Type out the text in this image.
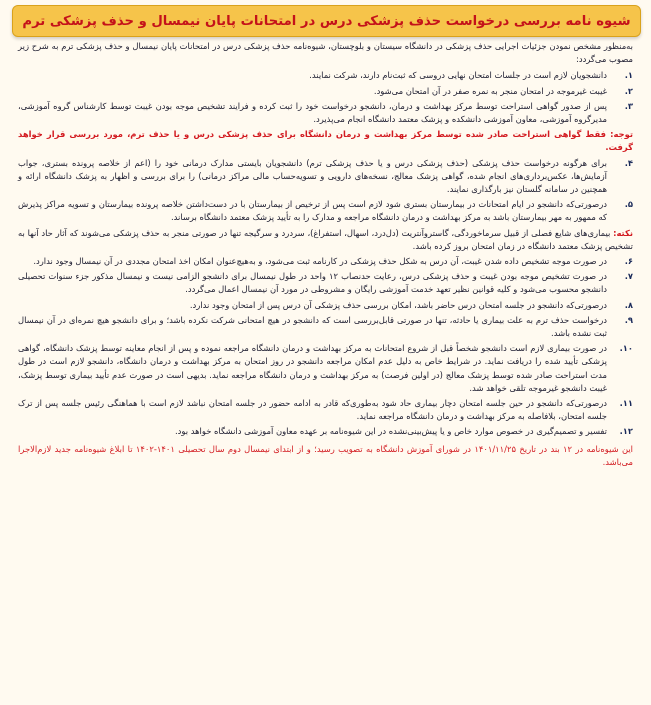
شیوه نامه بررسی درخواست حذف پزشکی درس در امتحانات پایان نیمسال و حذف پزشکی ترم

به‌منظور مشخص نمودن جزئیات اجرایی حذف پزشکی در دانشگاه سیستان و بلوچستان، شیوه‌نامه حذف پزشکی درس در امتحانات پایان نیمسال و حذف پزشکی ترم به شرح زیر مصوب می‌گردد:

۱.
دانشجویان لازم است در جلسات امتحان نهایی دروسی که ثبت‌نام دارند، شرکت نمایند.
۲.
غیبت غیرموجه در امتحان منجر به نمره صفر در آن امتحان می‌شود.
۳.
پس از صدور گواهی استراحت توسط مرکز بهداشت و درمان، دانشجو درخواست خود را ثبت کرده و فرایند تشخیص موجه بودن غیبت توسط کارشناس گروه آموزشی، مدیرگروه آموزشی، معاون آموزشی دانشکده و پزشک معتمد دانشگاه انجام می‌پذیرد.

توجه: فقط گواهی استراحت صادر شده توسط مرکز بهداشت و درمان دانشگاه برای حذف پزشکی درس و یا حذف ترم، مورد بررسی قرار خواهد گرفت.

۴.
برای هرگونه درخواست حذف پزشکی (حذف پزشکی درس و یا حذف پزشکی ترم) دانشجویان بایستی مدارک درمانی خود را (اعم از خلاصه پرونده بستری، جواب آزمایش‌ها، عکس‌برداری‌های انجام شده، گواهی پزشک معالج، نسخه‌های دارویی و تسویه‌حساب مالی مراکز درمانی) را برای بررسی و اظهار به پزشک دانشگاه ارائه و همچنین در سامانه گلستان نیز بارگذاری نمایند.
۵.
درصورتی‌که دانشجو در ایام امتحانات در بیمارستان بستری شود لازم است پس از ترخیص از بیمارستان با در دست‌داشتن خلاصه پرونده بیمارستان و تسویه مراکز پذیرش که ممهور به مهر بیمارستان باشد به مرکز بهداشت و درمان دانشگاه مراجعه و مدارک را به تأیید پزشک معتمد دانشگاه برساند.

نکته: بیماری‌های شایع فصلی از قبیل سرماخوردگی، گاستروآنتریت (دل‌درد، اسهال، استفراغ)، سردرد و سرگیجه تنها در صورتی منجر به حذف پزشکی می‌شوند که آثار حاد آنها به تشخیص پزشک معتمد دانشگاه در زمان امتحان بروز کرده باشد.

۶.
در صورت موجه تشخیص داده شدن غیبت، آن درس به شکل حذف پزشکی در کارنامه ثبت می‌شود، و به‌هیچ‌عنوان امکان اخذ امتحان مجددی در آن نیمسال وجود ندارد.
۷.
در صورت تشخیص موجه بودن غیبت و حذف پزشکی درس، رعایت حدنصاب ۱۲ واحد در طول نیمسال برای دانشجو الزامی نیست و نیمسال مذکور جزء سنوات تحصیلی دانشجو محسوب می‌شود و کلیه قوانین نظیر تعهد خدمت آموزشی رایگان و مشروطی در مورد آن نیمسال اعمال می‌گردد.
۸.
درصورتی‌که دانشجو در جلسه امتحان درس حاضر باشد، امکان بررسی حذف پزشکی آن درس پس از امتحان وجود ندارد.
۹.
درخواست حذف ترم به علت بیماری یا حادثه، تنها در صورتی قابل‌بررسی است که دانشجو در هیچ امتحانی شرکت نکرده باشد؛ و برای دانشجو هیچ نمره‌ای در آن نیمسال ثبت نشده باشد.
۱۰.
در صورت بیماری لازم است دانشجو شخصاً قبل از شروع امتحانات به مرکز بهداشت و درمان دانشگاه مراجعه نموده و پس از انجام معاینه توسط پزشک دانشگاه، گواهی پزشکی تأیید شده را دریافت نماید. در شرایط خاص به دلیل عدم امکان مراجعه دانشجو در روز امتحان به مرکز بهداشت و درمان دانشگاه، دانشجو لازم است در طول مدت استراحت صادر شده توسط پزشک معالج (در اولین فرصت) به مرکز بهداشت و درمان دانشگاه مراجعه نماید. بدیهی است در صورت عدم تأیید بیماری توسط پزشک، غیبت دانشجو غیرموجه تلقی خواهد شد.
۱۱.
درصورتی‌که دانشجو در حین جلسه امتحان دچار بیماری حاد شود به‌طوری‌که قادر به ادامه حضور در جلسه امتحان نباشد لازم است با هماهنگی رئیس جلسه پس از ترک جلسه امتحان، بلافاصله به مرکز بهداشت و درمان دانشگاه مراجعه نماید.
۱۲.
تفسیر و تصمیم‌گیری در خصوص موارد خاص و یا پیش‌بینی‌نشده در این شیوه‌نامه بر عهده معاون آموزشی دانشگاه خواهد بود.

این شیوه‌نامه در ۱۲ بند در تاریخ ۱۴۰۱/۱۱/۲۵ در شورای آموزش دانشگاه به تصویب رسید؛ و از ابتدای نیمسال دوم سال تحصیلی ۱۴۰۱-۱۴۰۲ تا ابلاغ شیوه‌نامه جدید لازم‌الاجرا می‌باشد.
